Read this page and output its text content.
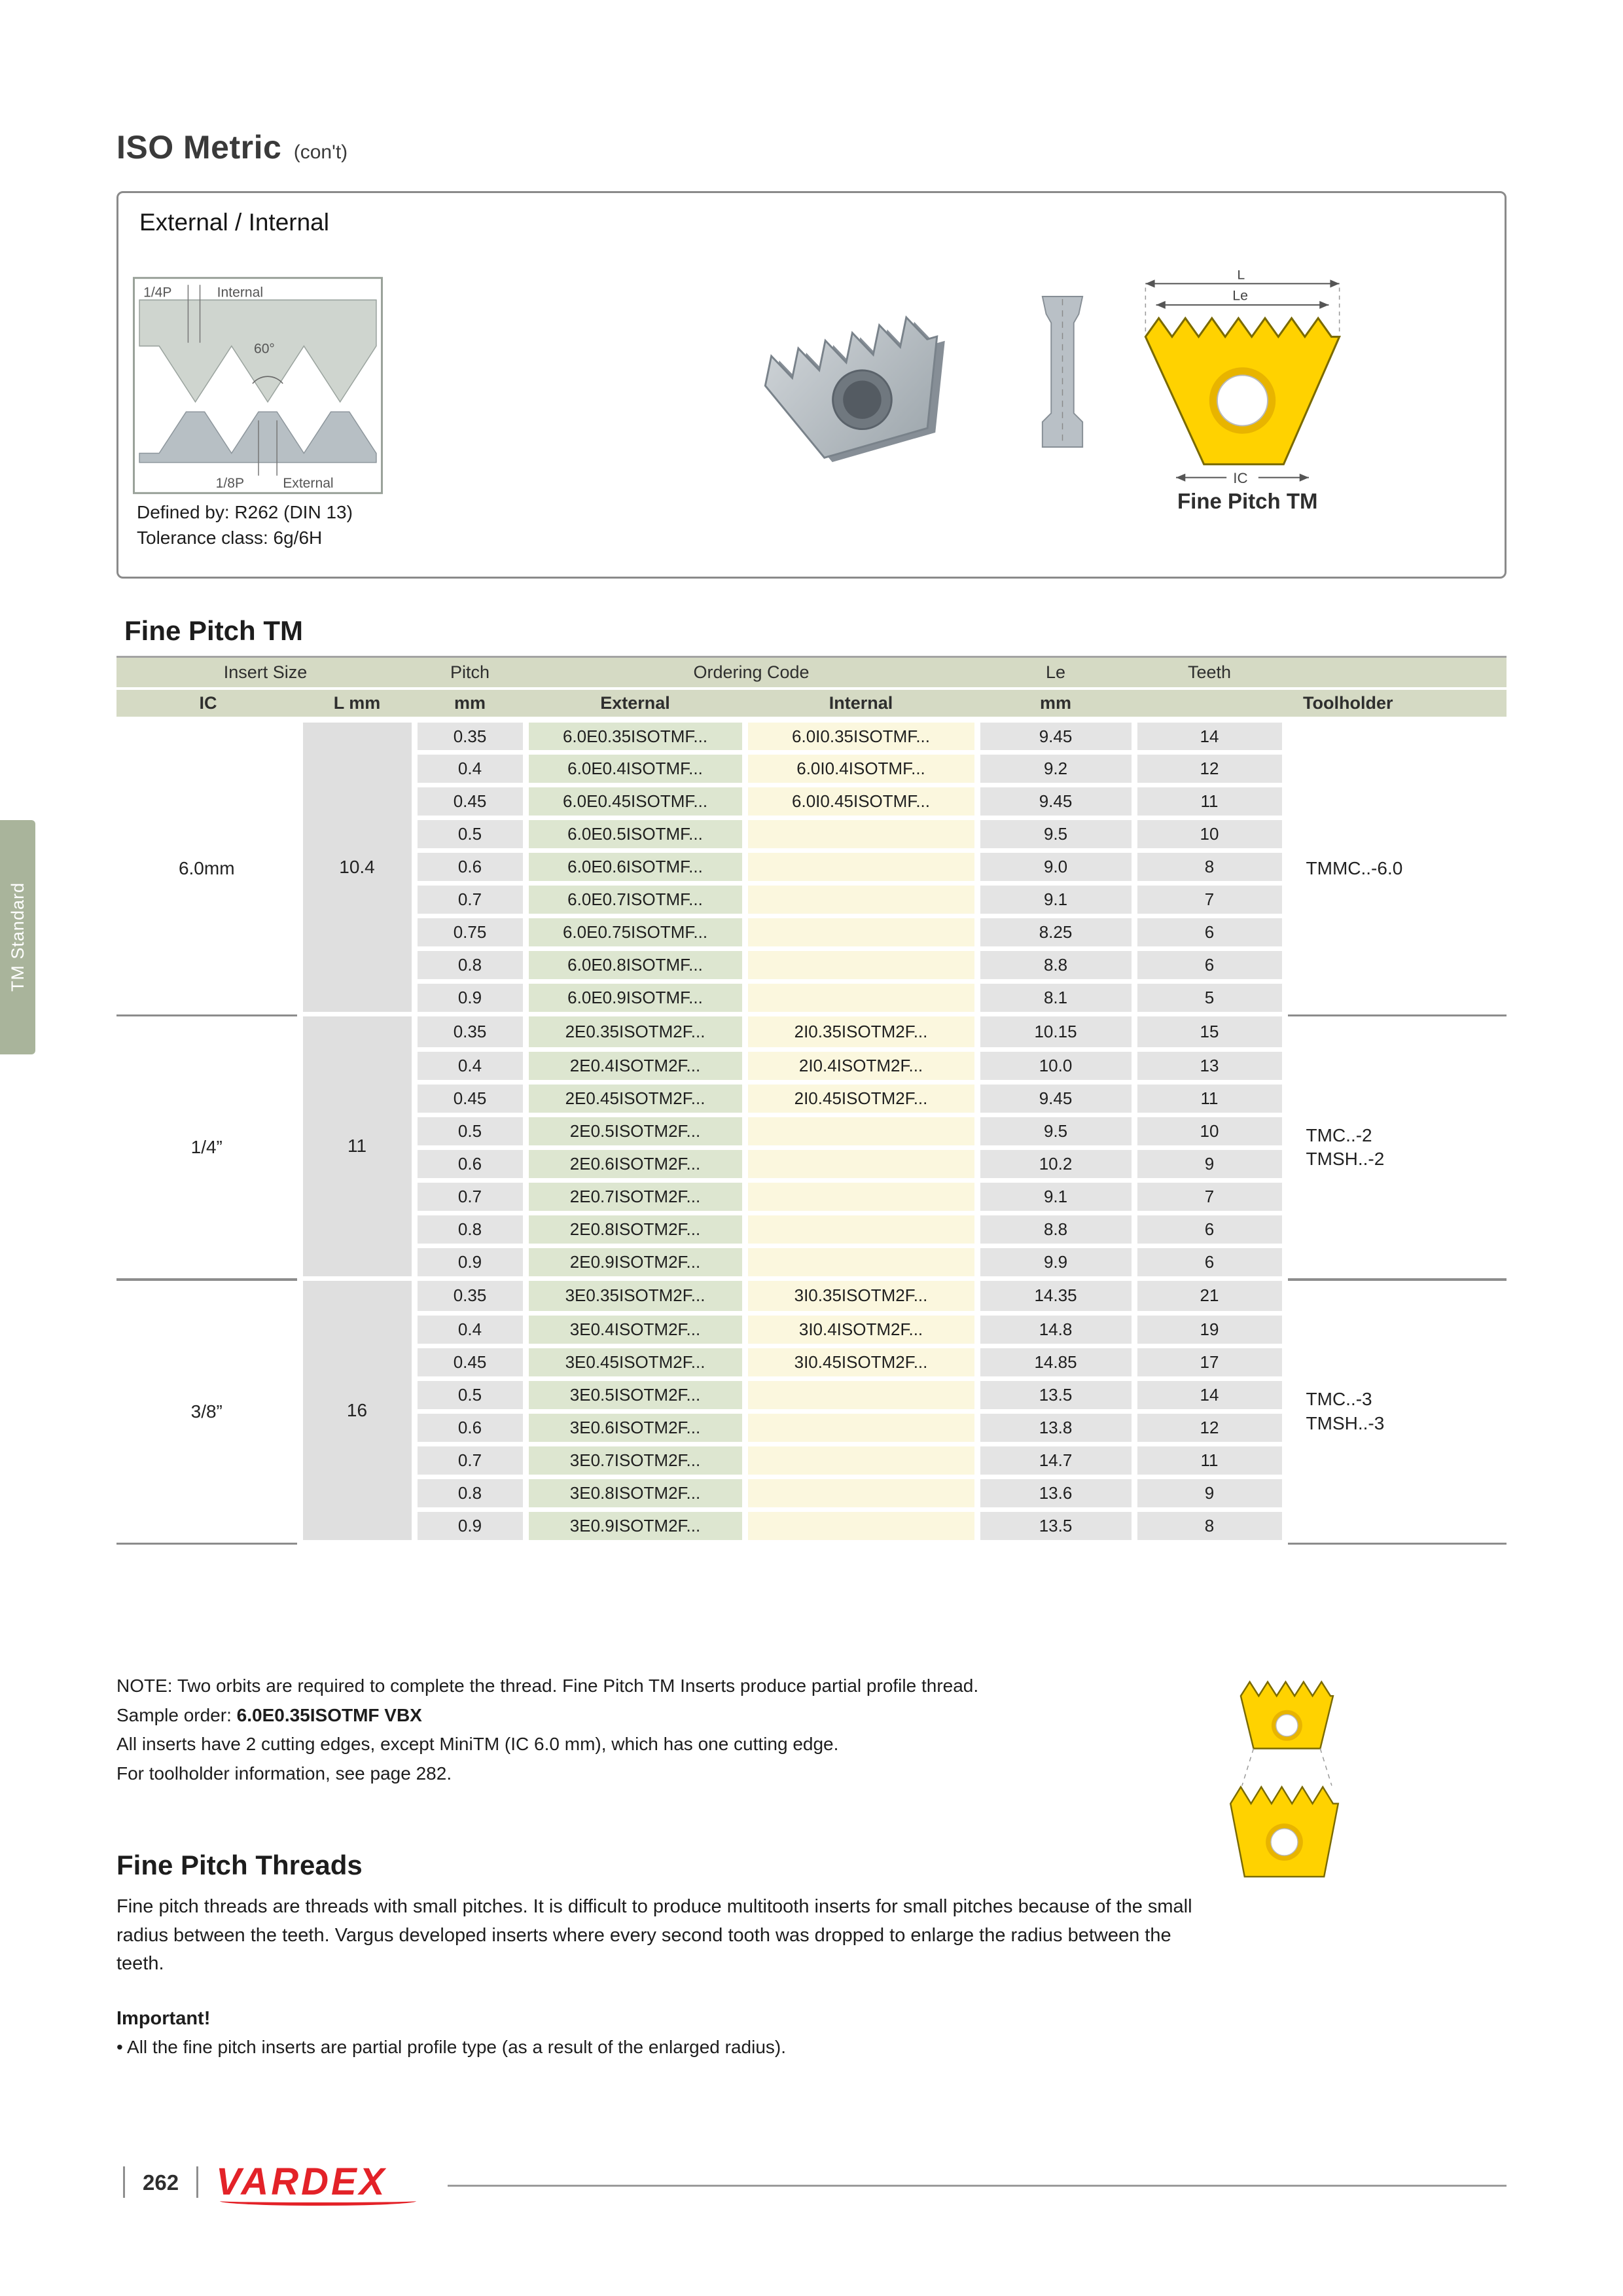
TM Standard
ISO Metric (con't)
External / Internal
1/4P	Internal
60°
1/8P	External
Defined by: R262 (DIN 13)
Tolerance class: 6g/6H
L
Le
IC
Fine Pitch TM
Fine Pitch TM
Insert Size		Pitch	Ordering Code		Le	Teeth	
IC	L mm	mm	External	Internal	mm		Toolholder
6.0mm	10.4	0.35	6.0E0.35ISOTMF...	6.0I0.35ISOTMF...	9.45	14	TMMC..-6.0

		0.4	6.0E0.4ISOTMF...	6.0I0.4ISOTMF...	9.2	12	
		0.45	6.0E0.45ISOTMF...	6.0I0.45ISOTMF...	9.45	11	
		0.5	6.0E0.5ISOTMF...		9.5	10	
		0.6	6.0E0.6ISOTMF...		9.0	8	
		0.7	6.0E0.7ISOTMF...		9.1	7	
		0.75	6.0E0.75ISOTMF...		8.25	6	
		0.8	6.0E0.8ISOTMF...		8.8	6	
		0.9	6.0E0.9ISOTMF...		8.1	5	

1/4”	11	0.35	2E0.35ISOTM2F...	2I0.35ISOTM2F...	10.15	15	TMC..-2
TMSH..-2

		0.4	2E0.4ISOTM2F...	2I0.4ISOTM2F...	10.0	13	
		0.45	2E0.45ISOTM2F...	2I0.45ISOTM2F...	9.45	11	
		0.5	2E0.5ISOTM2F...		9.5	10	
		0.6	2E0.6ISOTM2F...		10.2	9	
		0.7	2E0.7ISOTM2F...		9.1	7	
		0.8	2E0.8ISOTM2F...		8.8	6	
		0.9	2E0.9ISOTM2F...		9.9	6	

3/8”	16	0.35	3E0.35ISOTM2F...	3I0.35ISOTM2F...	14.35	21	TMC..-3
TMSH..-3

		0.4	3E0.4ISOTM2F...	3I0.4ISOTM2F...	14.8	19	
		0.45	3E0.45ISOTM2F...	3I0.45ISOTM2F...	14.85	17	
		0.5	3E0.5ISOTM2F...		13.5	14	
		0.6	3E0.6ISOTM2F...		13.8	12	
		0.7	3E0.7ISOTM2F...		14.7	11	
		0.8	3E0.8ISOTM2F...		13.6	9	
		0.9	3E0.9ISOTM2F...		13.5	8	

NOTE: Two orbits are required to complete the thread. Fine Pitch TM Inserts produce partial profile thread.
Sample order: 6.0E0.35ISOTMF VBX
All inserts have 2 cutting edges, except MiniTM (IC 6.0 mm), which has one cutting edge.
For toolholder information, see page 282.
Fine Pitch Threads
Fine pitch threads are threads with small pitches. It is difficult to produce multitooth inserts for small pitches because of the small radius between the teeth. Vargus developed inserts where every second tooth was dropped to enlarge the radius between the teeth.
Important!
• All the fine pitch inserts are partial profile type (as a result of the enlarged radius).
262 VARDEX
